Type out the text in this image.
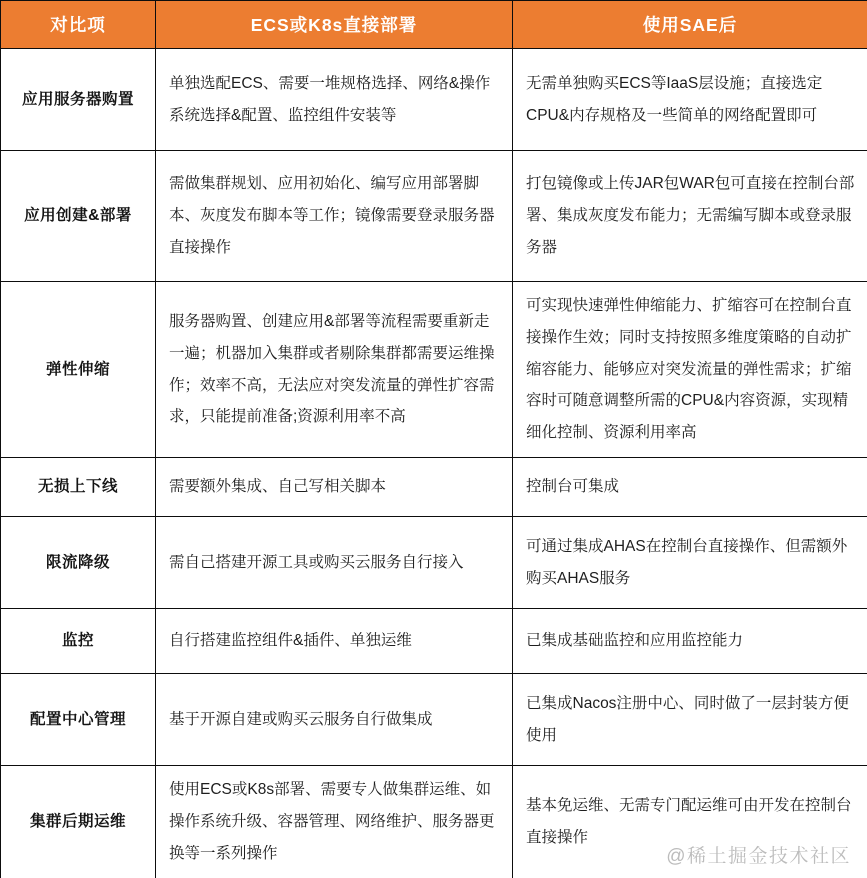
对比项	ECS或K8s直接部署	使用SAE后
应用服务器购置	单独选配ECS、需要一堆规格选择、网络&操作系统选择&配置、监控组件安装等	无需单独购买ECS等IaaS层设施；直接选定CPU&内存规格及一些简单的网络配置即可
应用创建&部署	需做集群规划、应用初始化、编写应用部署脚本、灰度发布脚本等工作；镜像需要登录服务器直接操作	打包镜像或上传JAR包WAR包可直接在控制台部署、集成灰度发布能力；无需编写脚本或登录服务器
弹性伸缩	服务器购置、创建应用&部署等流程需要重新走一遍；机器加入集群或者剔除集群都需要运维操作；效率不高，无法应对突发流量的弹性扩容需求，只能提前准备;资源利用率不高	可实现快速弹性伸缩能力、扩缩容可在控制台直接操作生效；同时支持按照多维度策略的自动扩缩容能力、能够应对突发流量的弹性需求；扩缩容时可随意调整所需的CPU&内容资源，实现精细化控制、资源利用率高
无损上下线	需要额外集成、自己写相关脚本	控制台可集成
限流降级	需自己搭建开源工具或购买云服务自行接入	可通过集成AHAS在控制台直接操作、但需额外购买AHAS服务
监控	自行搭建监控组件&插件、单独运维	已集成基础监控和应用监控能力
配置中心管理	基于开源自建或购买云服务自行做集成	已集成Nacos注册中心、同时做了一层封装方便使用
集群后期运维	使用ECS或K8s部署、需要专人做集群运维、如操作系统升级、容器管理、网络维护、服务器更换等一系列操作	基本免运维、无需专门配运维可由开发在控制台直接操作
@稀土掘金技术社区
